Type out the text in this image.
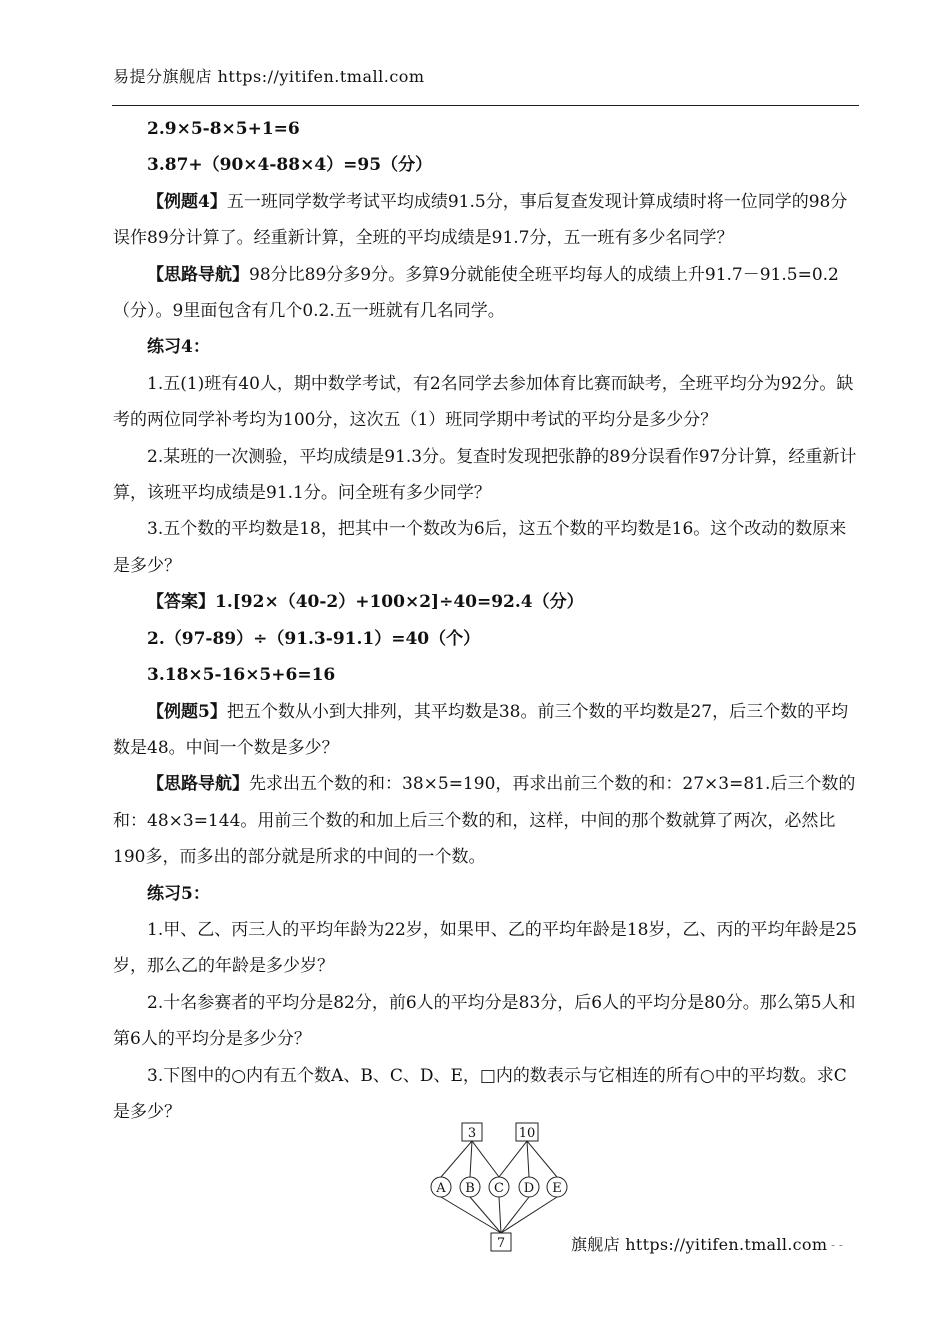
易提分旗舰店 https://yitifen.tmall.com

2.9×5-8×5+1=6

3.87+（90×4-88×4）=95（分）

【例题4】五一班同学数学考试平均成绩91.5分，事后复查发现计算成绩时将一位同学的98分误作89分计算了。经重新计算，全班的平均成绩是91.7分，五一班有多少名同学？

【思路导航】98分比89分多9分。多算9分就能使全班平均每人的成绩上升91.7－91.5=0.2（分）。9里面包含有几个0.2.五一班就有几名同学。

练习4：

1.五(1)班有40人，期中数学考试，有2名同学去参加体育比赛而缺考，全班平均分为92分。缺考的两位同学补考均为100分，这次五（1）班同学期中考试的平均分是多少分？

2.某班的一次测验，平均成绩是91.3分。复查时发现把张静的89分误看作97分计算，经重新计算，该班平均成绩是91.1分。问全班有多少同学？

3.五个数的平均数是18，把其中一个数改为6后，这五个数的平均数是16。这个改动的数原来是多少？

【答案】1.[92×（40-2）+100×2]÷40=92.4（分）

2.（97-89）÷（91.3-91.1）=40（个）

3.18×5-16×5+6=16

【例题5】把五个数从小到大排列，其平均数是38。前三个数的平均数是27，后三个数的平均数是48。中间一个数是多少？

【思路导航】先求出五个数的和：38×5=190，再求出前三个数的和：27×3=81.后三个数的和：48×3=144。用前三个数的和加上后三个数的和，这样，中间的那个数就算了两次，必然比190多，而多出的部分就是所求的中间的一个数。

练习5：

1.甲、乙、丙三人的平均年龄为22岁，如果甲、乙的平均年龄是18岁，乙、丙的平均年龄是25岁，那么乙的年龄是多少岁？

2.十名参赛者的平均分是82分，前6人的平均分是83分，后6人的平均分是80分。那么第5人和第6人的平均分是多少分？

3.下图中的○内有五个数A、B、C、D、E，□内的数表示与它相连的所有○中的平均数。求C是多少？

3	10
A B C D E
7	旗舰店 https://yitifen.tmall.com - -
